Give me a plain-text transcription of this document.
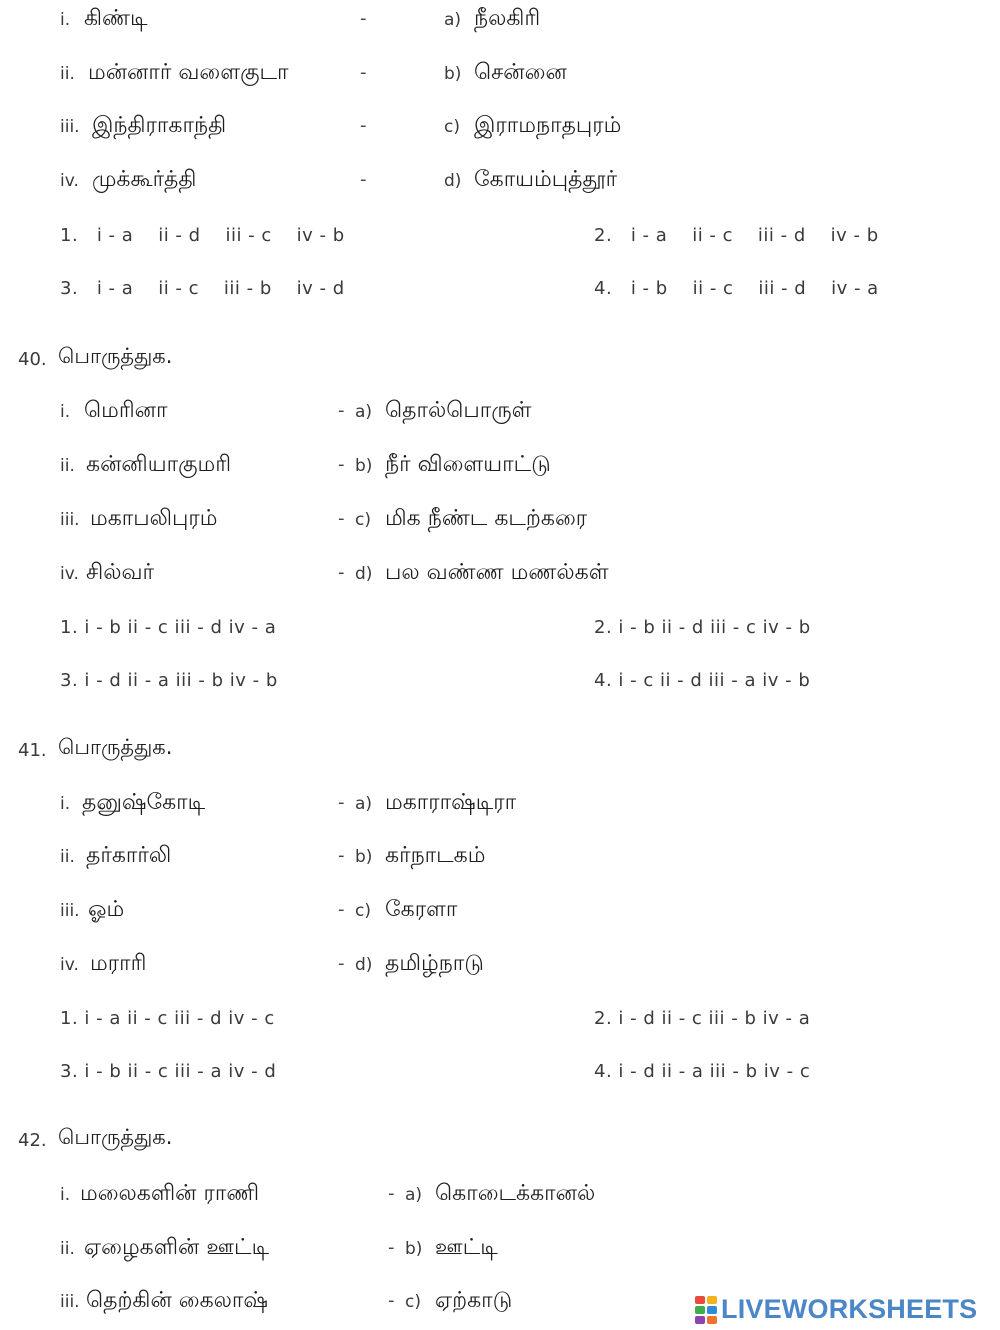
i. கிண்டி	-	a) நீலகிரி
ii. மன்னார் வளைகுடா	-	b) சென்னை
iii. இந்திராகாந்தி	-	c) இராமநாதபுரம்
iv. முக்கூர்த்தி	-	d) கோயம்புத்தூர்
1.   i - a    ii - d    iii - c    iv - b	2.   i - a    ii - c    iii - d    iv - b
3.   i - a    ii - c    iii - b    iv - d	4.   i - b    ii - c    iii - d    iv - a
40. பொருத்துக.
i. மெரினா	- a) தொல்பொருள்
ii. கன்னியாகுமரி	- b) நீர் விளையாட்டு
iii. மகாபலிபுரம்	- c) மிக நீண்ட கடற்கரை
iv. சில்வர்	- d) பல வண்ண மணல்கள்
1. i - b ii - c iii - d iv - a	2. i - b ii - d iii - c iv - b
3. i - d ii - a iii - b iv - b	4. i - c ii - d iii - a iv - b
41. பொருத்துக.
i. தனுஷ்கோடி	- a) மகாராஷ்டிரா
ii. தர்கார்லி	- b) கர்நாடகம்
iii. ஓம்	- c) கேரளா
iv. மராரி	- d) தமிழ்நாடு
1. i - a ii - c iii - d iv - c	2. i - d ii - c iii - b iv - a
3. i - b ii - c iii - a iv - d	4. i - d ii - a iii - b iv - c
42. பொருத்துக.
i. மலைகளின் ராணி	- a) கொடைக்கானல்
ii. ஏழைகளின் ஊட்டி	- b) ஊட்டி
iii. தெற்கின் கைலாஷ்	- c) ஏற்காடு	LIVEWORKSHEETS
